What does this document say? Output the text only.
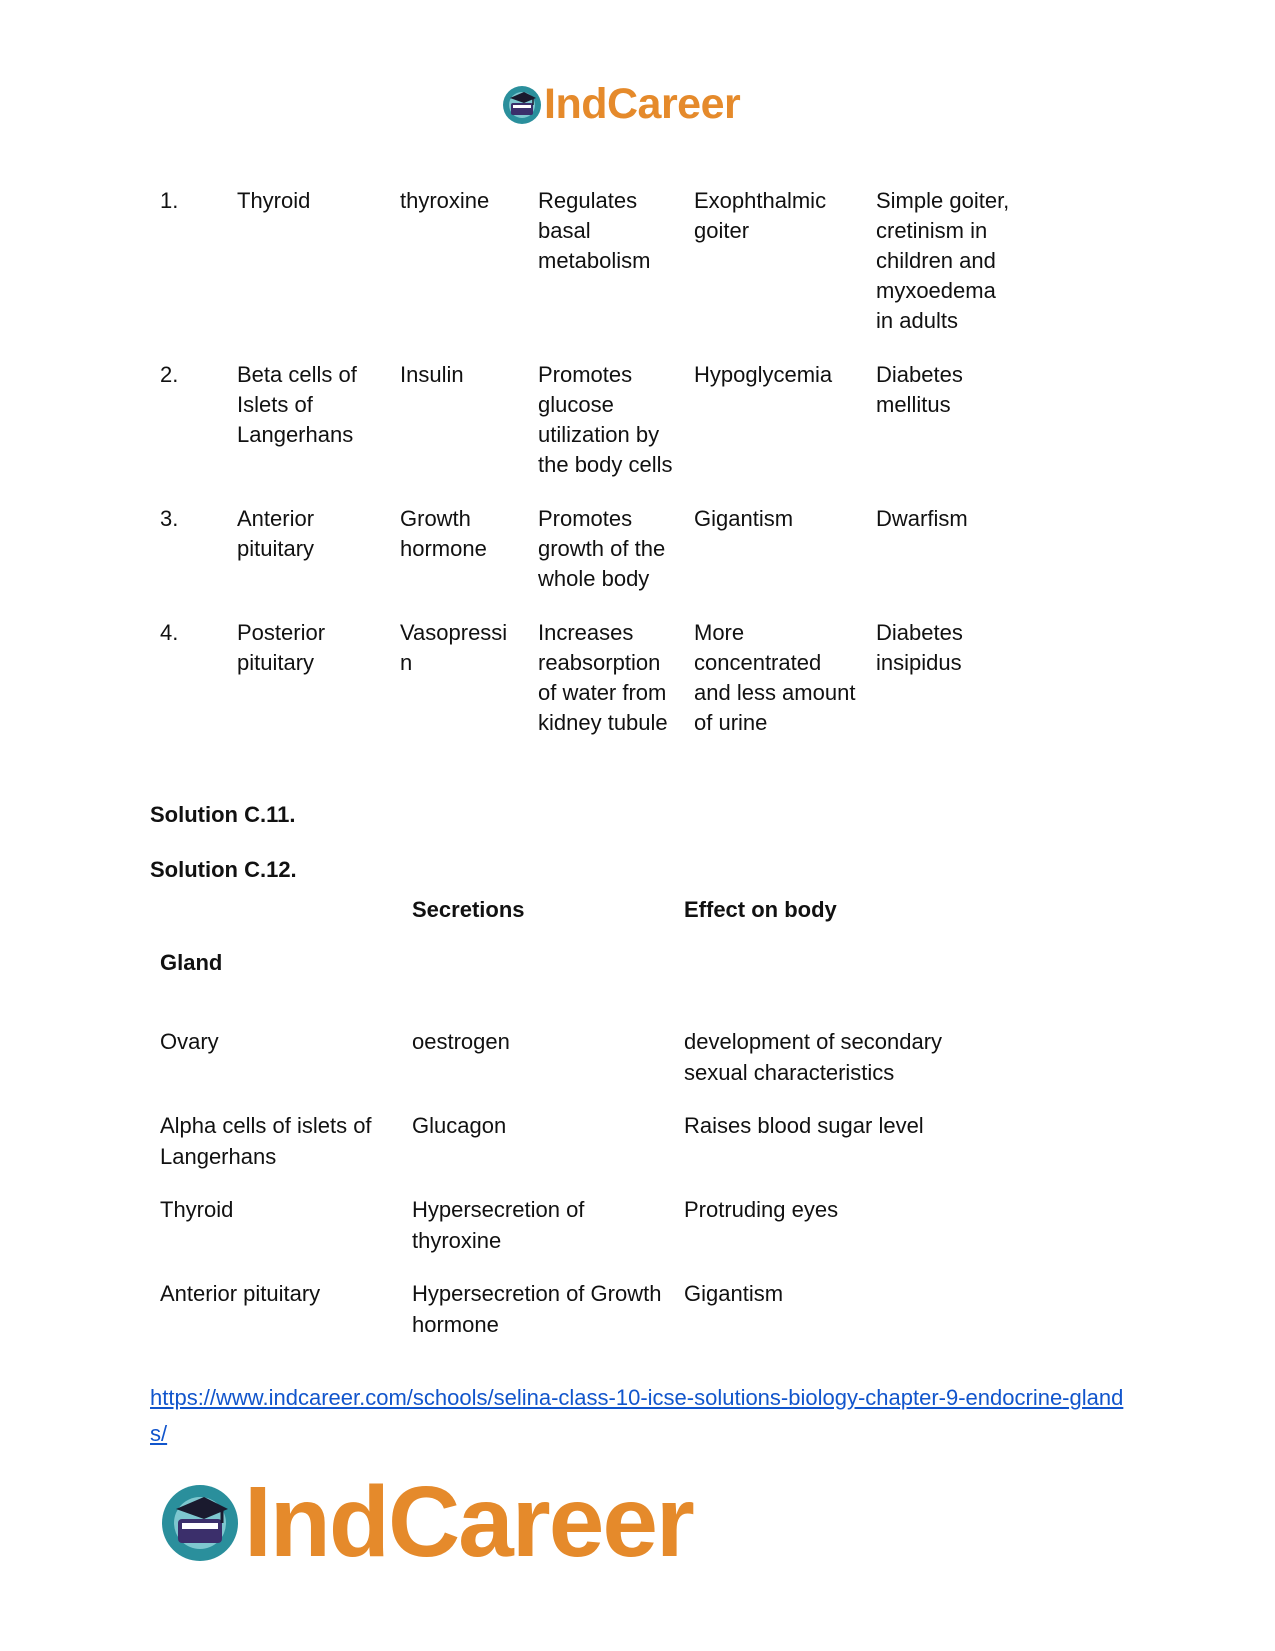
IndCareer
1.	Thyroid	thyroxine	Regulates basal metabolism	Exophthalmic goiter	Simple goiter, cretinism in children and myxoedema in adults
2.	Beta cells of Islets of Langerhans	Insulin	Promotes glucose utilization by the body cells	Hypoglycemia	Diabetes mellitus
3.	Anterior pituitary	Growth hormone	Promotes growth of the whole body	Gigantism	Dwarfism
4.	Posterior pituitary	Vasopressin	Increases reabsorption of water from kidney tubule	More concentrated and less amount of urine	Diabetes insipidus
Solution C.11.
Solution C.12.
Gland	Secretions	Effect on body
Ovary	oestrogen	development of secondary sexual characteristics
Alpha cells of islets of Langerhans	Glucagon	Raises blood sugar level
Thyroid	Hypersecretion of thyroxine	Protruding eyes
Anterior pituitary	Hypersecretion of Growth hormone	Gigantism
https://www.indcareer.com/schools/selina-class-10-icse-solutions-biology-chapter-9-endocrine-glands/
IndCareer
